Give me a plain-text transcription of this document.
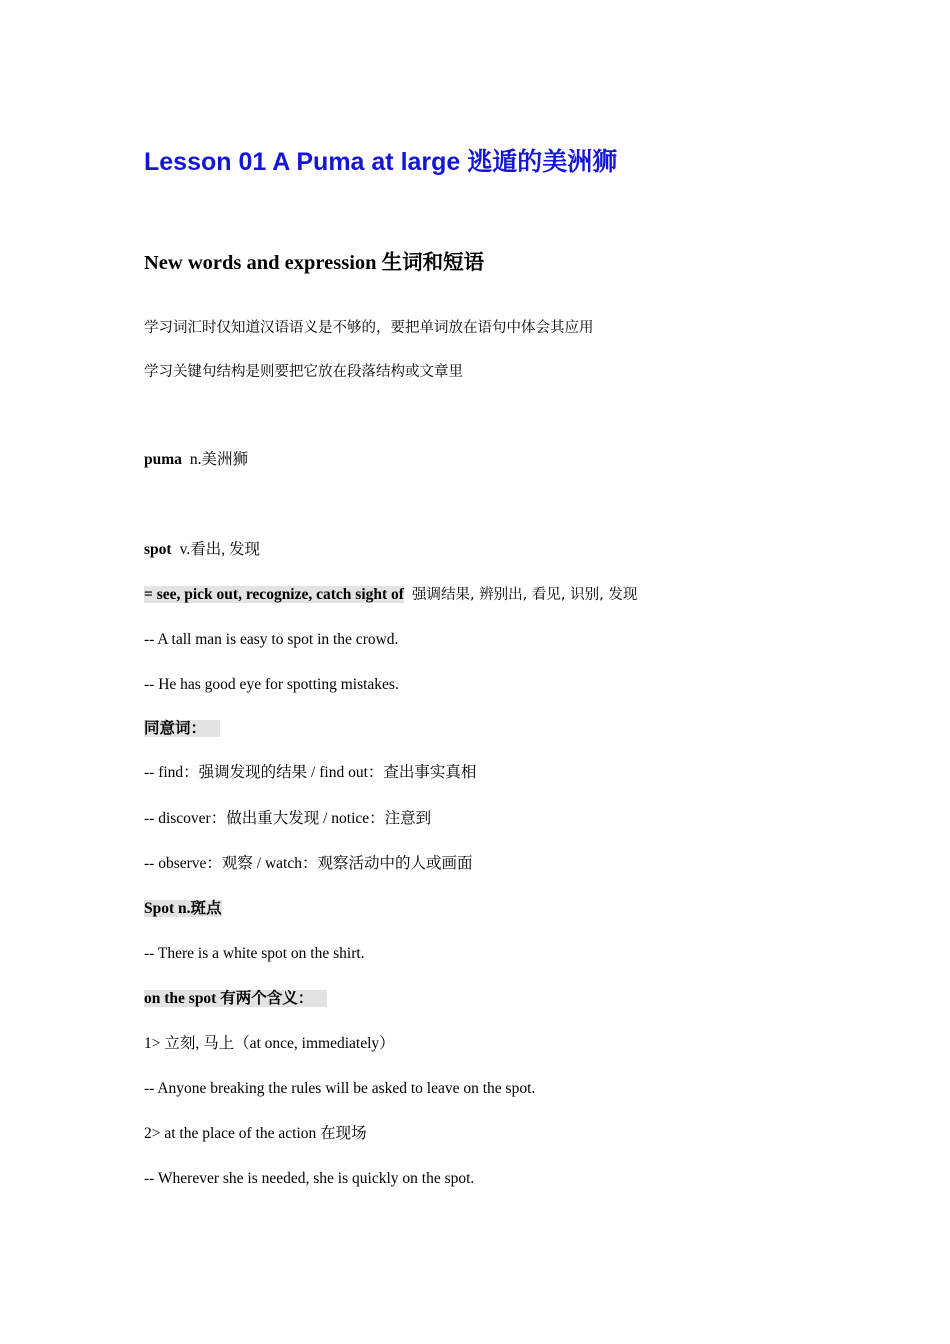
Lesson 01 A Puma at large 逃遁的美洲狮
New words and expression 生词和短语
学习词汇时仅知道汉语语义是不够的，要把单词放在语句中体会其应用
学习关键句结构是则要把它放在段落结构或文章里
puma n.美洲狮
spot v.看出, 发现
= see, pick out, recognize, catch sight of 强调结果, 辨别出, 看见, 识别, 发现
-- A tall man is easy to spot in the crowd.
-- He has good eye for spotting mistakes.
同意词：
-- find：强调发现的结果 / find out：查出事实真相
-- discover：做出重大发现 / notice：注意到
-- observe：观察 / watch：观察活动中的人或画面
Spot n.斑点
-- There is a white spot on the shirt.
on the spot 有两个含义：
1> 立刻, 马上（at once, immediately）
-- Anyone breaking the rules will be asked to leave on the spot.
2> at the place of the action 在现场
-- Wherever she is needed, she is quickly on the spot.
